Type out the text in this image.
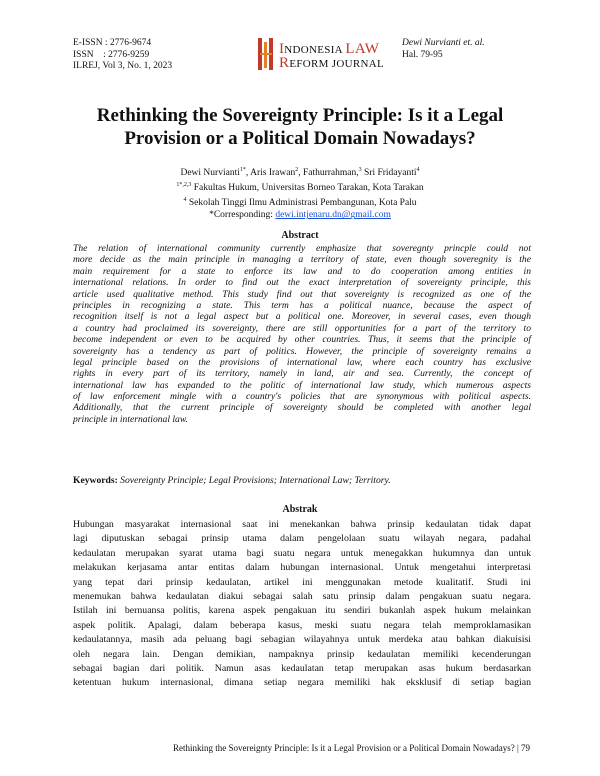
E-ISSN : 2776-9674
ISSN    : 2776-9259
ILREJ, Vol 3, No. 1, 2023
INDONESIA LAW
REFORM JOURNAL
Dewi Nurvianti et. al.
Hal. 79-95
Rethinking the Sovereignty Principle: Is it a Legal
Provision or a Political Domain Nowadays?
Dewi Nurvianti$^{1*}$, Aris Irawan$^2$, Fathurrahman,$^3$ Sri Fridayanti$^4$
$^{1*,2,3}$ Fakultas Hukum, Universitas Borneo Tarakan, Kota Tarakan
$^4$ Sekolah Tinggi Ilmu Administrasi Pembangunan, Kota Palu
*Corresponding: dewi.intjenaru.dn@gmail.com
Abstract
The relation of international community currently emphasize that soveregnty princple could not
more decide as the main principle in managing a territory of state, even though soveregnity is the
main requirement for a state to enforce its law and to do cooperation among entities in
international relations. In order to find out the exact interpretation of sovereignty principle, this
article used qualitative method. This study find out that sovereignty is recognized as one of the
principles in recognizing a state. This term has a political nuance, because the aspect of
recognition itself is not a legal aspect but a political one. Moreover, in several cases, even though
a country had proclaimed its sovereignty, there are still opportunities for a part of the territory to
become independent or even to be acquired by other countries. Thus, it seems that the principle of
sovereignty has a tendency as part of politics. However, the principle of sovereignty remains a
legal principle based on the provisions of international law, where each country has exclusive
rights in every part of its territory, namely in land, air and sea. Currently, the concept of
international law has expanded to the politic of international law study, which numerous aspects
of law enforcement mingle with a country's policies that are synonymous with political aspects.
Additionally, that the current principle of sovereignty should be completed with another legal
principle in international law.
Keywords: Sovereignty Principle; Legal Provisions; International Law; Territory.
Abstrak
Hubungan masyarakat internasional saat ini menekankan bahwa prinsip kedaulatan tidak dapat
lagi diputuskan sebagai prinsip utama dalam pengelolaan suatu wilayah negara, padahal
kedaulatan merupakan syarat utama bagi suatu negara untuk menegakkan hukumnya dan untuk
melakukan kerjasama antar entitas dalam hubungan internasional. Untuk mengetahui interpretasi
yang tepat dari prinsip kedaulatan, artikel ini menggunakan metode kualitatif. Studi ini
menemukan bahwa kedaulatan diakui sebagai salah satu prinsip dalam pengakuan suatu negara.
Istilah ini bernuansa politis, karena aspek pengakuan itu sendiri bukanlah aspek hukum melainkan
aspek politik. Apalagi, dalam beberapa kasus, meski suatu negara telah memproklamasikan
kedaulatannya, masih ada peluang bagi sebagian wilayahnya untuk merdeka atau bahkan diakuisisi
oleh negara lain. Dengan demikian, nampaknya prinsip kedaulatan memiliki kecenderungan
sebagai bagian dari politik. Namun asas kedaulatan tetap merupakan asas hukum berdasarkan
ketentuan hukum internasional, dimana setiap negara memiliki hak eksklusif di setiap bagian
Rethinking the Sovereignty Principle: Is it a Legal Provision or a Political Domain Nowadays? | 79
